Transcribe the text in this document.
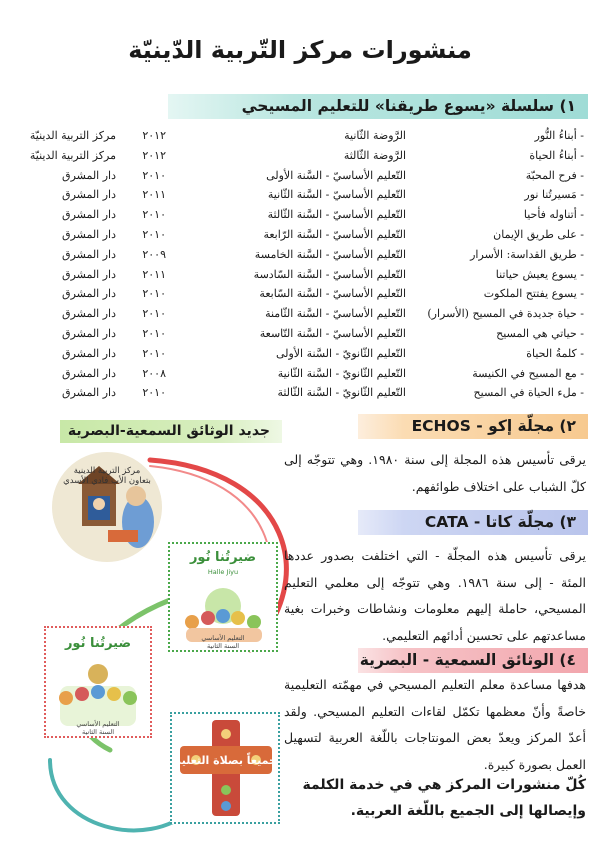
منشورات مركز التّربية الدّينيّة
١) سلسلة «يسوع طريقنا» للتعليم المسيحي
- أبناءُ النُّور
الرَّوضة الثّانية
٢٠١٢
مركز التربية الدينيّة
- أبناءُ الحياة
الرَّوضة الثّالثة
٢٠١٢
مركز التربية الدينيّة
- فرح المحبّة
التّعليم الأساسيّ - السَّنة الأولى
٢٠١٠
دار المشرق
- مَسيرتُنا نور
التّعليم الأساسيّ - السَّنة الثّانية
٢٠١١
دار المشرق
- أتناوله فأحيا
التّعليم الأساسيّ - السَّنة الثّالثة
٢٠١٠
دار المشرق
- على طريق الإيمان
التّعليم الأساسيّ - السَّنة الرّابعة
٢٠١٠
دار المشرق
- طريق القداسة: الأسرار
التّعليم الأساسيّ - السَّنة الخامسة
٢٠٠٩
دار المشرق
- يسوع يعيش حياتنا
التّعليم الأساسيّ - السَّنة السّادسة
٢٠١١
دار المشرق
- يسوع يفتتح الملكوت
التّعليم الأساسيّ - السَّنة السّابعة
٢٠١٠
دار المشرق
- حياة جديدة في المسيح (الأسرار)
التّعليم الأساسيّ - السَّنة الثّامنة
٢٠١٠
دار المشرق
- حياتي هي المسيح
التّعليم الأساسيّ - السَّنة التّاسعة
٢٠١٠
دار المشرق
- كلمةُ الحياة
التّعليم الثّانويّ - السَّنة الأولى
٢٠١٠
دار المشرق
- مع المسيح في الكنيسة
التّعليم الثّانويّ - السَّنة الثّانية
٢٠٠٨
دار المشرق
- ملء الحياة في المسيح
التّعليم الثّانويّ - السَّنة الثّالثة
٢٠١٠
دار المشرق
جديد الوثائق السمعية-البصرية
مركز التربية الدينية
بتعاون الأب فادي الأسدي
ضيرتُنا نُور
Halle Jiyu
التعليم الأساسي
السنة الثانية
ضيرتُنا نُور
التعليم الأساسي
السنة الثانية
جميعاً بصلاة التعليم
٢) مجلّة إكو - ECHOS

يرقى تأسيس هذه المجلة إلى سنة ١٩٨٠. وهي تتوجّه إلى كلّ الشباب على اختلاف طوائفهم.

٣) مجلّة كاتا - CATA

يرقى تأسيس هذه المجلّة - التي اختلفت بصدور عددها المئة - إلى سنة ١٩٨٦. وهي تتوجّه إلى معلمي التعليم المسيحي، حاملة إليهم معلومات ونشاطات وخبرات بغية مساعدتهم على تحسين أدائهم التعليمي.

٤) الوثائق السمعية - البصرية

هدفها مساعدة معلم التعليم المسيحي في مهمّته التعليمية خاصةً وأنّ معظمها تكمّل لقاءات التعليم المسيحي. ولقد أعدّ المركز ويعدّ بعض المونتاجات باللّغة العربية لتسهيل العمل بصورة كبيرة.

كُلّ منشورات المركز هي في خدمة الكلمة وإيصالها إلى الجميع باللّغة العربية.
